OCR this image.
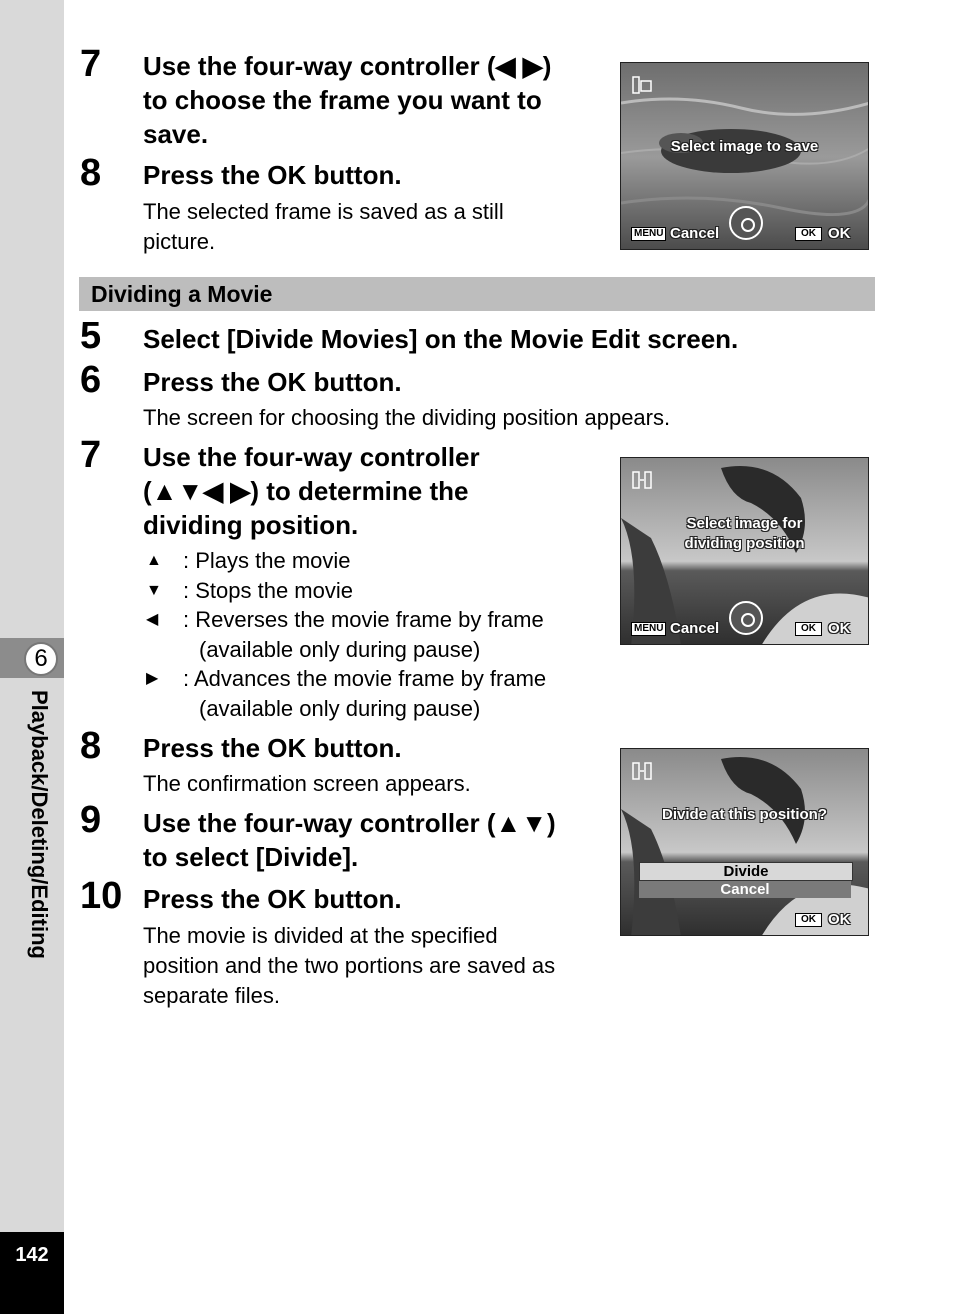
6
Playback/Deleting/Editing
142
7 Use the four-way controller (◀ ▶)
to choose the frame you want to
save.
8 Press the OK button.
The selected frame is saved as a still
picture.
Select image to save
MENU Cancel	OK OK
Dividing a Movie
5 Select [Divide Movies] on the Movie Edit screen.
6 Press the OK button.
The screen for choosing the dividing position appears.
7 Use the four-way controller
(▲▼◀ ▶) to determine the
dividing position.
▲ : Plays the movie
▼ : Stops the movie
◀ : Reverses the movie frame by frame
(available only during pause)
▶ : Advances the movie frame by frame
(available only during pause)
Select image for
dividing position
MENU Cancel	OK OK
8 Press the OK button.
The confirmation screen appears.
9 Use the four-way controller (▲▼)
to select [Divide].
10 Press the OK button.
The movie is divided at the specified
position and the two portions are saved as
separate files.
Divide at this position?
Divide
Cancel
OK OK
